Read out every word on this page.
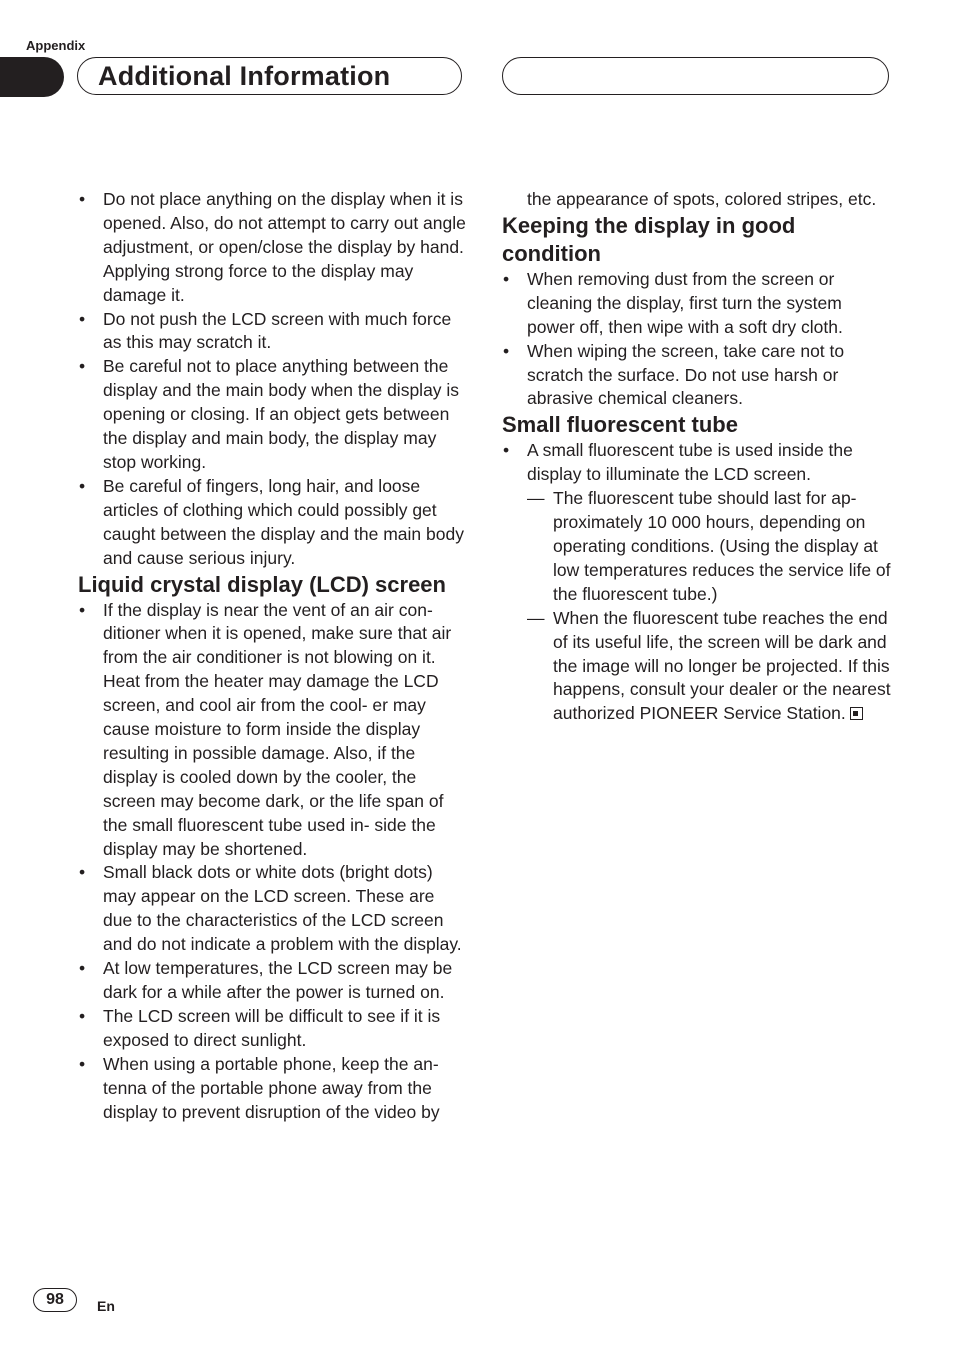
Appendix
Additional Information
• Do not place anything on the display when it is opened. Also, do not attempt to carry out angle adjustment, or open/close the display by hand. Applying strong force to the display may damage it.
• Do not push the LCD screen with much force as this may scratch it.
• Be careful not to place anything between the display and the main body when the display is opening or closing. If an object gets between the display and main body, the display may stop working.
• Be careful of fingers, long hair, and loose articles of clothing which could possibly get caught between the display and the main body and cause serious injury.
Liquid crystal display (LCD) screen
• If the display is near the vent of an air con- ditioner when it is opened, make sure that air from the air conditioner is not blowing on it. Heat from the heater may damage the LCD screen, and cool air from the cool- er may cause moisture to form inside the display resulting in possible damage. Also, if the display is cooled down by the cooler, the screen may become dark, or the life span of the small fluorescent tube used in- side the display may be shortened.
• Small black dots or white dots (bright dots) may appear on the LCD screen. These are due to the characteristics of the LCD screen and do not indicate a problem with the display.
• At low temperatures, the LCD screen may be dark for a while after the power is turned on.
• The LCD screen will be difficult to see if it is exposed to direct sunlight.
• When using a portable phone, keep the an- tenna of the portable phone away from the display to prevent disruption of the video by

the appearance of spots, colored stripes, etc.

Keeping the display in good condition
• When removing dust from the screen or cleaning the display, first turn the system power off, then wipe with a soft dry cloth.
• When wiping the screen, take care not to scratch the surface. Do not use harsh or abrasive chemical cleaners.
Small fluorescent tube
• A small fluorescent tube is used inside the display to illuminate the LCD screen.
— The fluorescent tube should last for ap- proximately 10 000 hours, depending on operating conditions. (Using the display at low temperatures reduces the service life of the fluorescent tube.)
— When the fluorescent tube reaches the end of its useful life, the screen will be dark and the image will no longer be projected. If this happens, consult your dealer or the nearest authorized PIONEER Service Station.
98 En
